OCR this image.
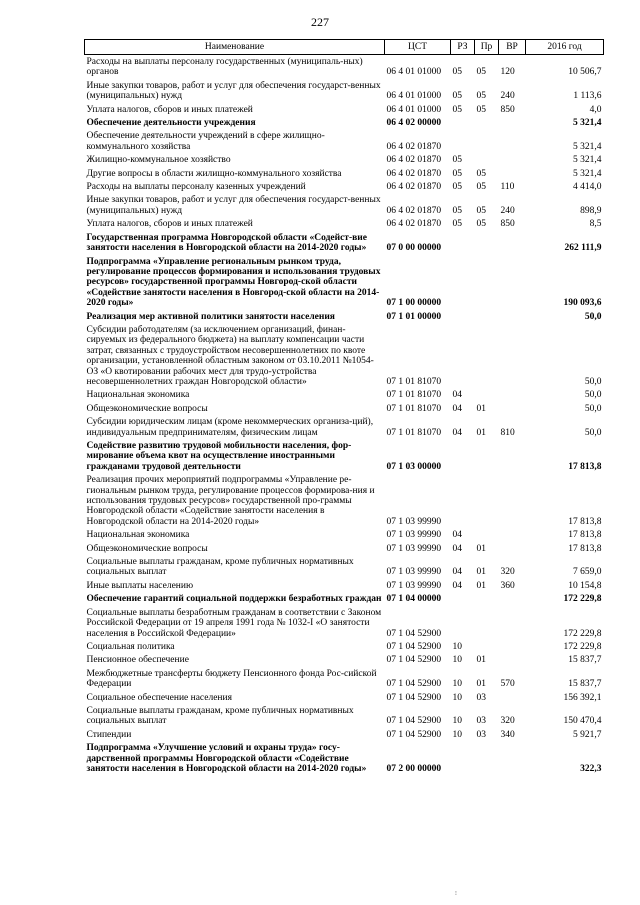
227
Наименование	ЦСТ	РЗ	Пр	ВР	2016 год
Расходы на выплаты персоналу государственных (муниципаль-ных) органов	06 4 01 01000	05	05	120	10 506,7
Иные закупки товаров, работ и услуг для обеспечения государст-венных (муниципальных) нужд	06 4 01 01000	05	05	240	1 113,6
Уплата налогов, сборов и иных платежей	06 4 01 01000	05	05	850	4,0
Обеспечение деятельности учреждения	06 4 02 00000				5 321,4
Обеспечение деятельности учреждений в сфере жилищно-коммунального хозяйства	06 4 02 01870				5 321,4
Жилищно-коммунальное хозяйство	06 4 02 01870	05			5 321,4
Другие вопросы в области жилищно-коммунального хозяйства	06 4 02 01870	05	05		5 321,4
Расходы на выплаты персоналу казенных учреждений	06 4 02 01870	05	05	110	4 414,0
Иные закупки товаров, работ и услуг для обеспечения государст-венных (муниципальных) нужд	06 4 02 01870	05	05	240	898,9
Уплата налогов, сборов и иных платежей	06 4 02 01870	05	05	850	8,5
Государственная программа Новгородской области «Содейст-вие занятости населения в Новгородской области на 2014-2020 годы»	07 0 00 00000				262 111,9
Подпрограмма «Управление региональным рынком труда, регулирование процессов формирования и использования трудовых ресурсов» государственной программы Новгород-ской области «Содействие занятости населения в Новгород-ской области на 2014-2020 годы»	07 1 00 00000				190 093,6
Реализация мер активной политики занятости населения	07 1 01 00000				50,0
Субсидии работодателям (за исключением организаций, финан-сируемых из федерального бюджета) на выплату компенсации части затрат, связанных с трудоустройством несовершеннолетних по квоте организации, установленной областным законом от 03.10.2011 №1054-ОЗ «О квотировании рабочих мест для трудо-устройства несовершеннолетних граждан Новгородской области»	07 1 01 81070				50,0
Национальная экономика	07 1 01 81070	04			50,0
Общеэкономические вопросы	07 1 01 81070	04	01		50,0
Субсидии юридическим лицам (кроме некоммерческих организа-ций), индивидуальным предпринимателям, физическим лицам	07 1 01 81070	04	01	810	50,0
Содействие развитию трудовой мобильности населения, фор-мирование объема квот на осуществление иностранными гражданами трудовой деятельности	07 1 03 00000				17 813,8
Реализация прочих мероприятий подпрограммы «Управление ре-гиональным рынком труда, регулирование процессов формирова-ния и использования трудовых ресурсов» государственной про-граммы Новгородской области «Содействие занятости населения в Новгородской области на 2014-2020 годы»	07 1 03 99990				17 813,8
Национальная экономика	07 1 03 99990	04			17 813,8
Общеэкономические вопросы	07 1 03 99990	04	01		17 813,8
Социальные выплаты гражданам, кроме публичных нормативных социальных выплат	07 1 03 99990	04	01	320	7 659,0
Иные выплаты населению	07 1 03 99990	04	01	360	10 154,8
Обеспечение гарантий социальной поддержки безработных граждан	07 1 04 00000				172 229,8
Социальные выплаты безработным гражданам в соответствии с Законом Российской Федерации от 19 апреля 1991 года № 1032-I «О занятости населения в Российской Федерации»	07 1 04 52900				172 229,8
Социальная политика	07 1 04 52900	10			172 229,8
Пенсионное обеспечение	07 1 04 52900	10	01		15 837,7
Межбюджетные трансферты бюджету Пенсионного фонда Рос-сийской Федерации	07 1 04 52900	10	01	570	15 837,7
Социальное обеспечение населения	07 1 04 52900	10	03		156 392,1
Социальные выплаты гражданам, кроме публичных нормативных социальных выплат	07 1 04 52900	10	03	320	150 470,4
Стипендии	07 1 04 52900	10	03	340	5 921,7
Подпрограмма «Улучшение условий и охраны труда» госу-дарственной программы Новгородской области «Содействие занятости населения в Новгородской области на 2014-2020 годы»	07 2 00 00000				322,3
⁝
